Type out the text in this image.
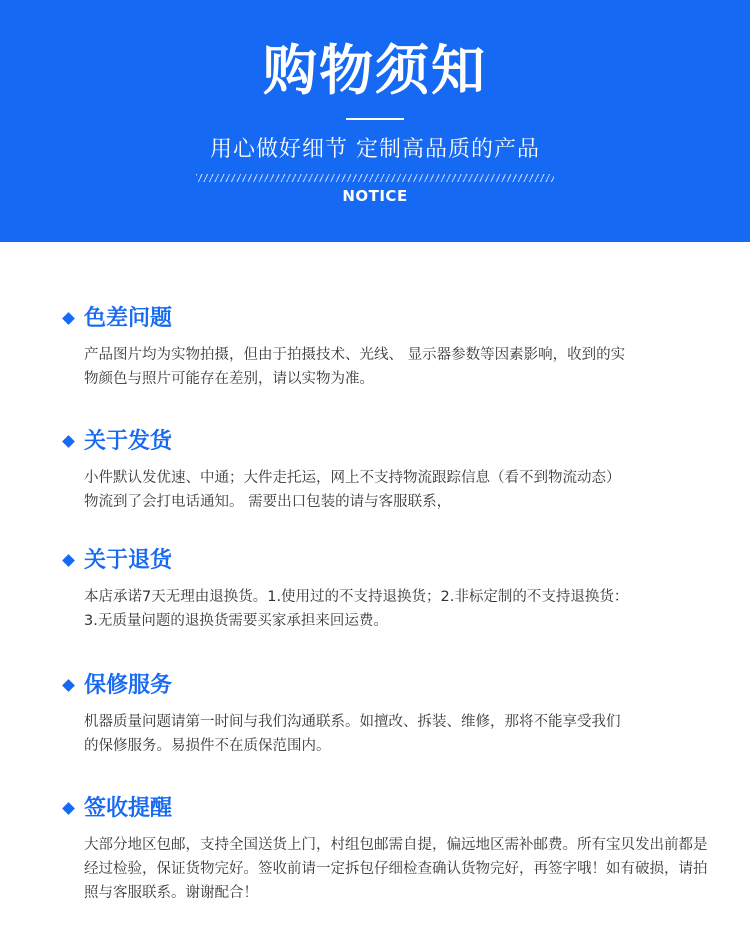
购物须知
用心做好细节 定制高品质的产品
NOTICE
色差问题
产品图片均为实物拍摄，但由于拍摄技术、光线、 显示器参数等因素影响，收到的实
物颜色与照片可能存在差别，请以实物为准。
关于发货
小件默认发优速、中通；大件走托运，网上不支持物流跟踪信息（看不到物流动态）
物流到了会打电话通知。 需要出口包装的请与客服联系，
关于退货
本店承诺7天无理由退换货。1.使用过的不支持退换货；2.非标定制的不支持退换货：
3.无质量问题的退换货需要买家承担来回运费。
保修服务
机器质量问题请第一时间与我们沟通联系。如擅改、拆装、维修，那将不能享受我们
的保修服务。易损件不在质保范围内。
签收提醒
大部分地区包邮，支持全国送货上门，村组包邮需自提，偏远地区需补邮费。所有宝贝发出前都是
经过检验，保证货物完好。签收前请一定拆包仔细检查确认货物完好，再签字哦！如有破损，请拍
照与客服联系。谢谢配合！
